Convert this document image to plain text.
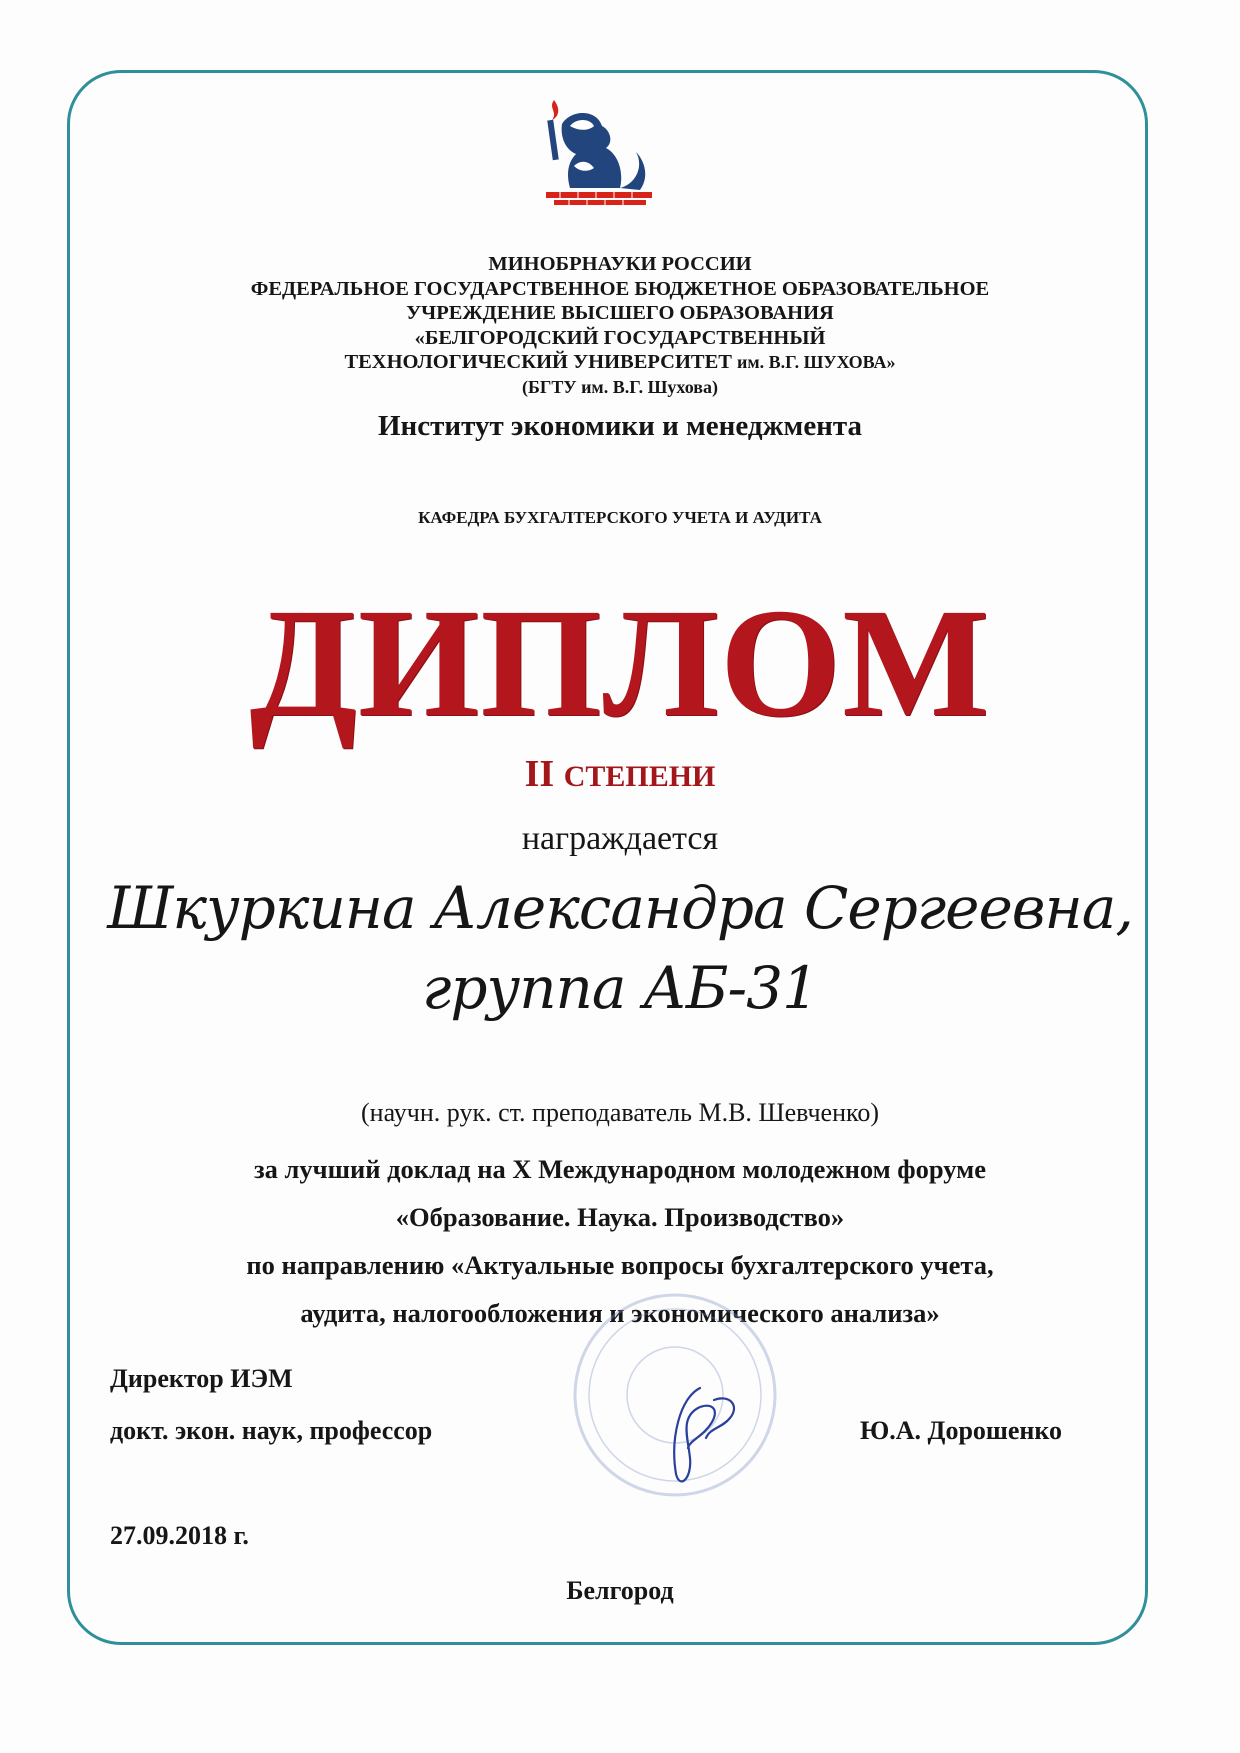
МИНОБРНАУКИ РОССИИ
ФЕДЕРАЛЬНОЕ ГОСУДАРСТВЕННОЕ БЮДЖЕТНОЕ ОБРАЗОВАТЕЛЬНОЕ
УЧРЕЖДЕНИЕ ВЫСШЕГО ОБРАЗОВАНИЯ
«БЕЛГОРОДСКИЙ ГОСУДАРСТВЕННЫЙ
ТЕХНОЛОГИЧЕСКИЙ УНИВЕРСИТЕТ им. В.Г. ШУХОВА»
(БГТУ им. В.Г. Шухова)
Институт экономики и менеджмента
КАФЕДРА БУХГАЛТЕРСКОГО УЧЕТА И АУДИТА
ДИПЛОМ
II СТЕПЕНИ
награждается
Шкуркина Александра Сергеевна,
группа АБ-31
(научн. рук. ст. преподаватель М.В. Шевченко)
за лучший доклад на X Международном молодежном форуме
«Образование. Наука. Производство»
по направлению «Актуальные вопросы бухгалтерского учета,
аудита, налогообложения и экономического анализа»
Директор ИЭМ
докт. экон. наук, профессор	Ю.А. Дорошенко
27.09.2018 г.
Белгород
